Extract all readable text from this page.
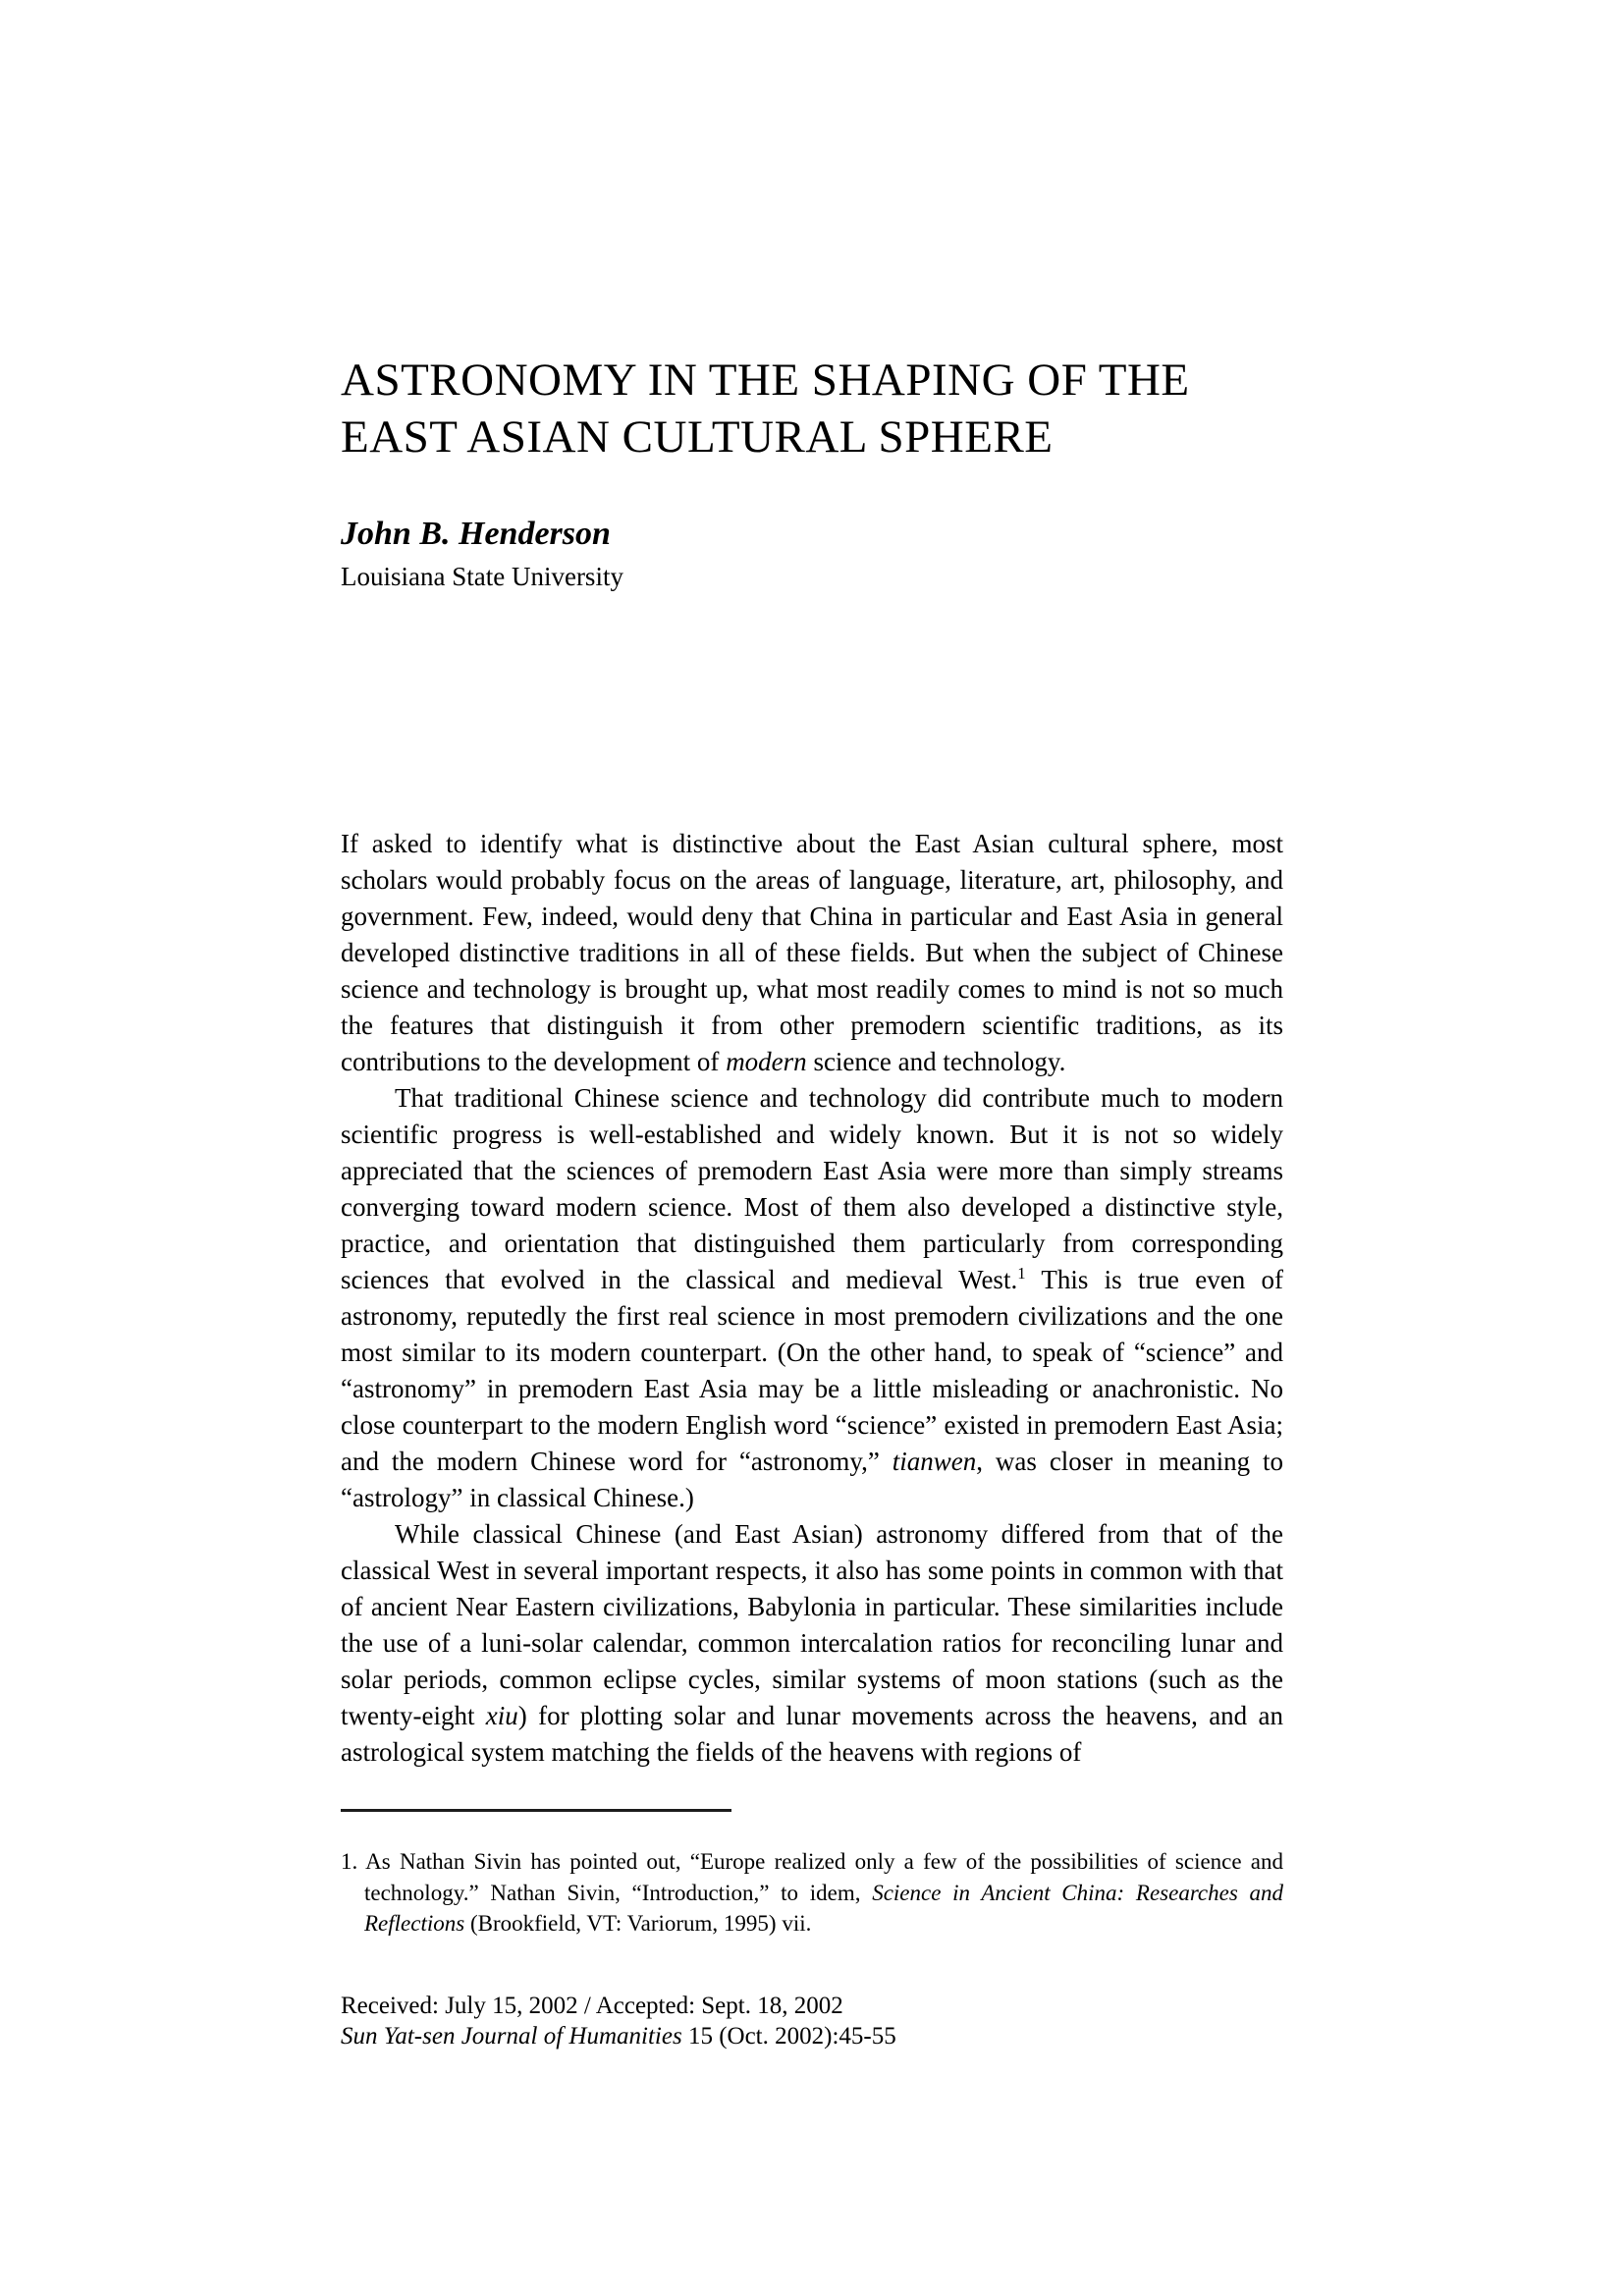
ASTRONOMY IN THE SHAPING OF THE
EAST ASIAN CULTURAL SPHERE
John B. Henderson
Louisiana State University

If asked to identify what is distinctive about the East Asian cultural sphere, most scholars would probably focus on the areas of language, literature, art, philosophy, and government. Few, indeed, would deny that China in particular and East Asia in general developed distinctive traditions in all of these fields. But when the subject of Chinese science and technology is brought up, what most readily comes to mind is not so much the features that distinguish it from other premodern scientific traditions, as its contributions to the development of modern science and technology.

That traditional Chinese science and technology did contribute much to modern scientific progress is well-established and widely known. But it is not so widely appreciated that the sciences of premodern East Asia were more than simply streams converging toward modern science. Most of them also developed a distinctive style, practice, and orientation that distinguished them particularly from corresponding sciences that evolved in the classical and medieval West.$^1$ This is true even of astronomy, reputedly the first real science in most premodern civilizations and the one most similar to its modern counterpart. (On the other hand, to speak of “science” and “astronomy” in premodern East Asia may be a little misleading or anachronistic. No close counterpart to the modern English word “science” existed in premodern East Asia; and the modern Chinese word for “astronomy,” tianwen, was closer in meaning to “astrology” in classical Chinese.)

While classical Chinese (and East Asian) astronomy differed from that of the classical West in several important respects, it also has some points in common with that of ancient Near Eastern civilizations, Babylonia in particular. These similarities include the use of a luni-solar calendar, common intercalation ratios for reconciling lunar and solar periods, common eclipse cycles, similar systems of moon stations (such as the twenty-eight xiu) for plotting solar and lunar movements across the heavens, and an astrological system matching the fields of the heavens with regions of

1. As Nathan Sivin has pointed out, “Europe realized only a few of the possibilities of science and technology.” Nathan Sivin, “Introduction,” to idem, Science in Ancient China: Researches and Reflections (Brookfield, VT: Variorum, 1995) vii.
Received: July 15, 2002 / Accepted: Sept. 18, 2002
Sun Yat-sen Journal of Humanities 15 (Oct. 2002):45-55
